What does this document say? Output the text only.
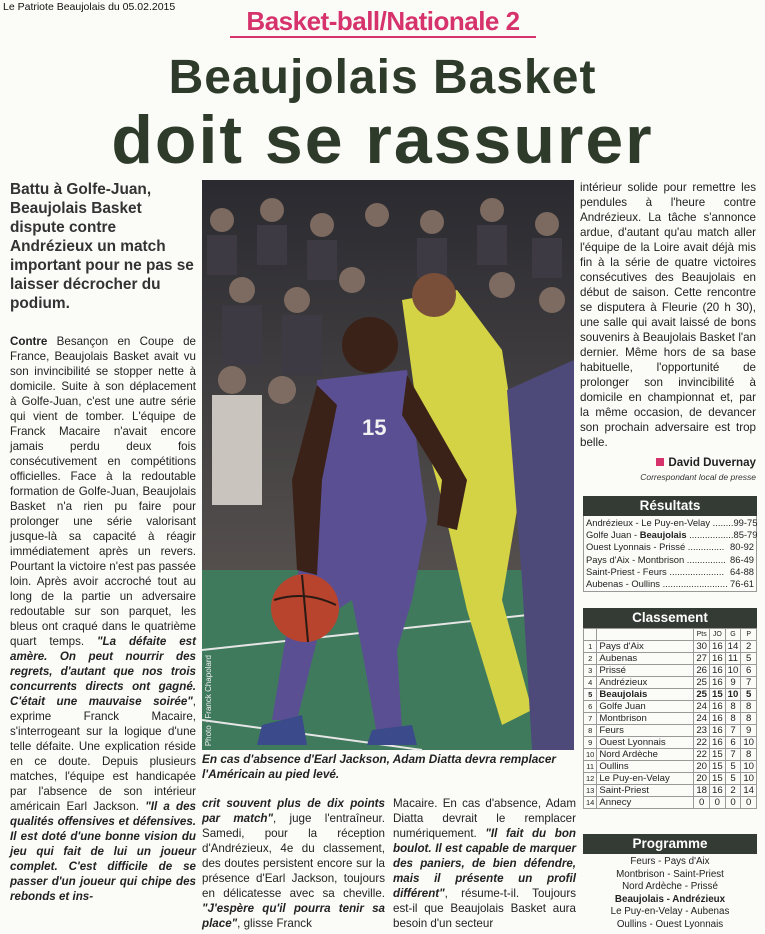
Le Patriote Beaujolais du 05.02.2015	Basket-ball/Nationale 2
Beaujolais Basket
doit se rassurer
Battu à Golfe-Juan, Beaujolais Basket dispute contre Andrézieux un match important pour ne pas se laisser décrocher du podium.

Contre Besançon en Coupe de France, Beaujolais Basket avait vu son invincibilité se stopper nette à domicile. Suite à son déplacement à Golfe-Juan, c'est une autre série qui vient de tomber. L'équipe de Franck Macaire n'avait encore jamais perdu deux fois consécutivement en compétitions officielles. Face à la redoutable formation de Golfe-Juan, Beaujolais Basket n'a rien pu faire pour prolonger une série valorisant jusque-là sa capacité à réagir immédiatement après un revers. Pourtant la victoire n'est pas passée loin. Après avoir accroché tout au long de la partie un adversaire redoutable sur son parquet, les bleus ont craqué dans le quatrième quart temps. "La défaite est amère. On peut nourrir des regrets, d'autant que nos trois concurrents directs ont gagné. C'était une mauvaise soirée", exprime Franck Macaire, s'interrogeant sur la logique d'une telle défaite. Une explication réside en ce doute. Depuis plusieurs matches, l'équipe est handicapée par l'absence de son intérieur américain Earl Jackson. "Il a des qualités offensives et défensives. Il est doté d'une bonne vision du jeu qui fait de lui un joueur complet. C'est difficile de se passer d'un joueur qui chipe des rebonds et ins-

15
Photo : Franck Chapolard
En cas d'absence d'Earl Jackson, Adam Diatta devra remplacer l'Américain au pied levé.

crit souvent plus de dix points par match", juge l'entraîneur. Samedi, pour la réception d'Andrézieux, 4e du classement, des doutes persistent encore sur la présence d'Earl Jackson, toujours en délicatesse avec sa cheville. "J'espère qu'il pourra tenir sa place", glisse Franck

Macaire. En cas d'absence, Adam Diatta devrait le remplacer numériquement. "Il fait du bon boulot. Il est capable de marquer des paniers, de bien défendre, mais il présente un profil différent", résume-t-il. Toujours est-il que Beaujolais Basket aura besoin d'un secteur

intérieur solide pour remettre les pendules à l'heure contre Andrézieux. La tâche s'annonce ardue, d'autant qu'au match aller l'équipe de la Loire avait déjà mis fin à la série de quatre victoires consécutives des Beaujolais en début de saison. Cette rencontre se disputera à Fleurie (20 h 30), une salle qui avait laissé de bons souvenirs à Beaujolais Basket l'an dernier. Même hors de sa base habituelle, l'opportunité de prolonger son invincibilité à domicile en championnat et, par la même occasion, de devancer son prochain adversaire est trop belle.

David Duvernay
Correspondant local de presse
Résultats
Andrézieux - Le Puy-en-Velay ........ 99-75
Golfe Juan - Beaujolais ................. 85-79
Ouest Lyonnais - Prissé .............. 80-92
Pays d'Aix - Montbrison ............... 86-49
Saint-Priest - Feurs ..................... 64-88
Aubenas - Oullins ......................... 76-61
Classement
		Pts	JO	G	P
1	Pays d'Aix	30	16	14	2
2	Aubenas	27	16	11	5
3	Prissé	26	16	10	6
4	Andrézieux	25	16	9	7
5	Beaujolais	25	15	10	5
6	Golfe Juan	24	16	8	8
7	Montbrison	24	16	8	8
8	Feurs	23	16	7	9
9	Ouest Lyonnais	22	16	6	10
10	Nord Ardèche	22	15	7	8
11	Oullins	20	15	5	10
12	Le Puy-en-Velay	20	15	5	10
13	Saint-Priest	18	16	2	14
14	Annecy	0	0	0	0
Programme
Feurs - Pays d'Aix
Montbrison - Saint-Priest
Nord Ardèche - Prissé
Beaujolais - Andrézieux
Le Puy-en-Velay - Aubenas
Oullins - Ouest Lyonnais
